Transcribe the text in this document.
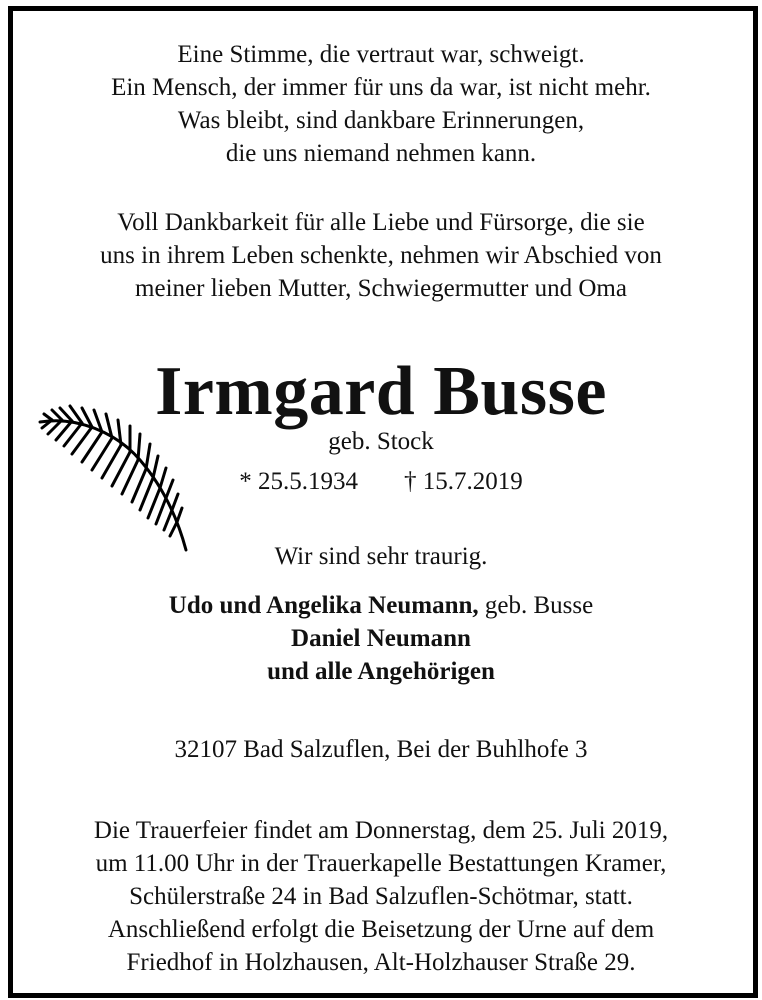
Eine Stimme, die vertraut war, schweigt.
Ein Mensch, der immer für uns da war, ist nicht mehr.
Was bleibt, sind dankbare Erinnerungen,
die uns niemand nehmen kann.
Voll Dankbarkeit für alle Liebe und Fürsorge, die sie
uns in ihrem Leben schenkte, nehmen wir Abschied von
meiner lieben Mutter, Schwiegermutter und Oma
Irmgard Busse
geb. Stock
* 25.5.1934 † 15.7.2019
Wir sind sehr traurig.
Udo und Angelika Neumann, geb. Busse
Daniel Neumann
und alle Angehörigen
32107 Bad Salzuflen, Bei der Buhlhofe 3
Die Trauerfeier findet am Donnerstag, dem 25. Juli 2019,
um 11.00 Uhr in der Trauerkapelle Bestattungen Kramer,
Schülerstraße 24 in Bad Salzuflen-Schötmar, statt.
Anschließend erfolgt die Beisetzung der Urne auf dem
Friedhof in Holzhausen, Alt-Holzhauser Straße 29.
